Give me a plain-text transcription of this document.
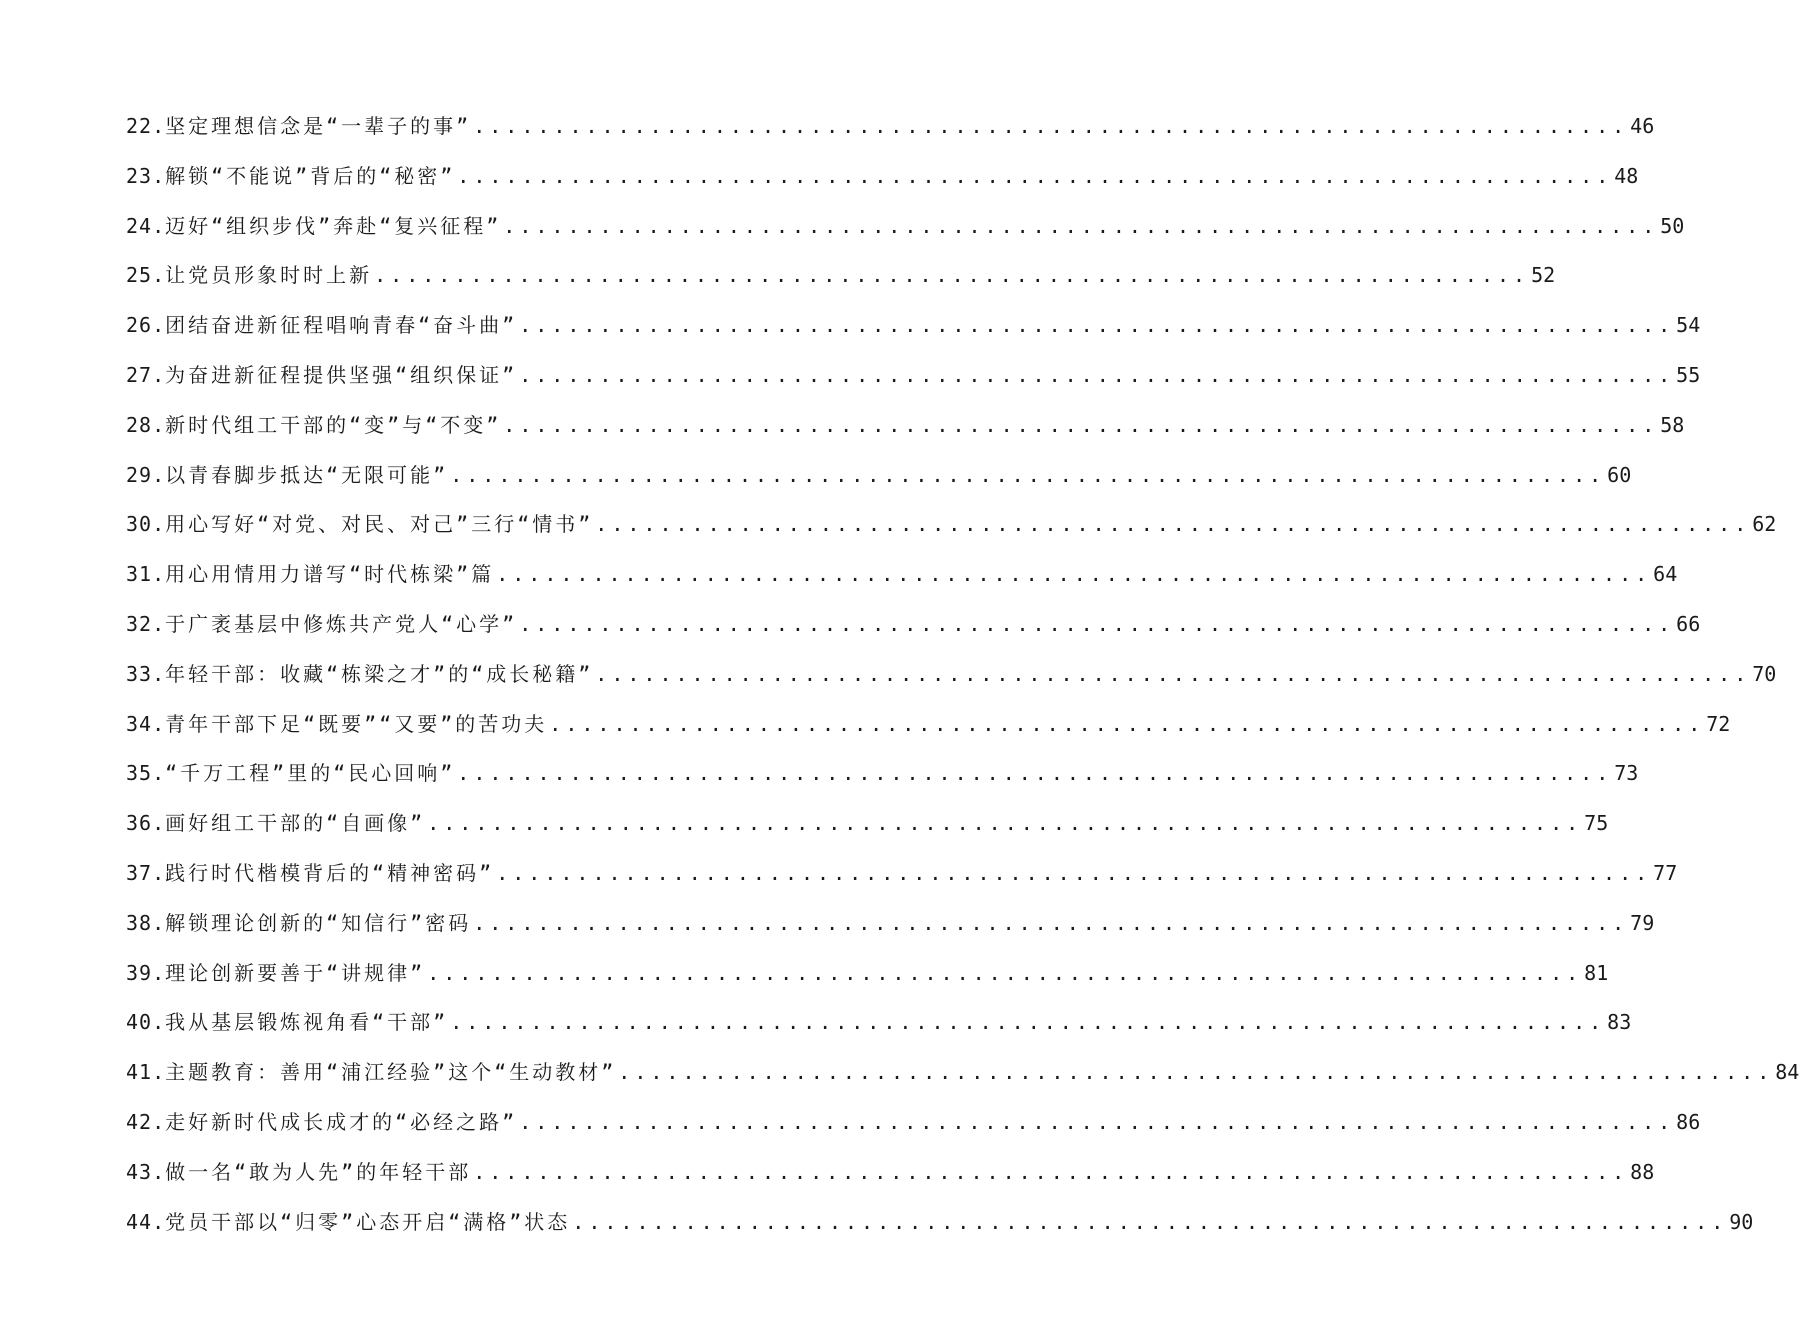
22. 坚定理想信念是“一辈子的事” ........................................................................ 46
23. 解锁“不能说”背后的“秘密” ........................................................................ 48
24. 迈好“组织步伐”奔赴“复兴征程” ........................................................................ 50
25. 让党员形象时时上新 ........................................................................ 52
26. 团结奋进新征程唱响青春“奋斗曲” ........................................................................ 54
27. 为奋进新征程提供坚强“组织保证” ........................................................................ 55
28. 新时代组工干部的“变”与“不变” ........................................................................ 58
29. 以青春脚步抵达“无限可能” ........................................................................ 60
30. 用心写好“对党、对民、对己”三行“情书” ........................................................................ 62
31. 用心用情用力谱写“时代栋梁”篇 ........................................................................ 64
32. 于广袤基层中修炼共产党人“心学” ........................................................................ 66
33. 年轻干部：收藏“栋梁之才”的“成长秘籍” ........................................................................ 70
34. 青年干部下足“既要”“又要”的苦功夫 ........................................................................ 72
35. “千万工程”里的“民心回响” ........................................................................ 73
36. 画好组工干部的“自画像” ........................................................................ 75
37. 践行时代楷模背后的“精神密码” ........................................................................ 77
38. 解锁理论创新的“知信行”密码 ........................................................................ 79
39. 理论创新要善于“讲规律” ........................................................................ 81
40. 我从基层锻炼视角看“干部” ........................................................................ 83
41. 主题教育：善用“浦江经验”这个“生动教材” ........................................................................ 84
42. 走好新时代成长成才的“必经之路” ........................................................................ 86
43. 做一名“敢为人先”的年轻干部 ........................................................................ 88
44. 党员干部以“归零”心态开启“满格”状态 ........................................................................ 90
